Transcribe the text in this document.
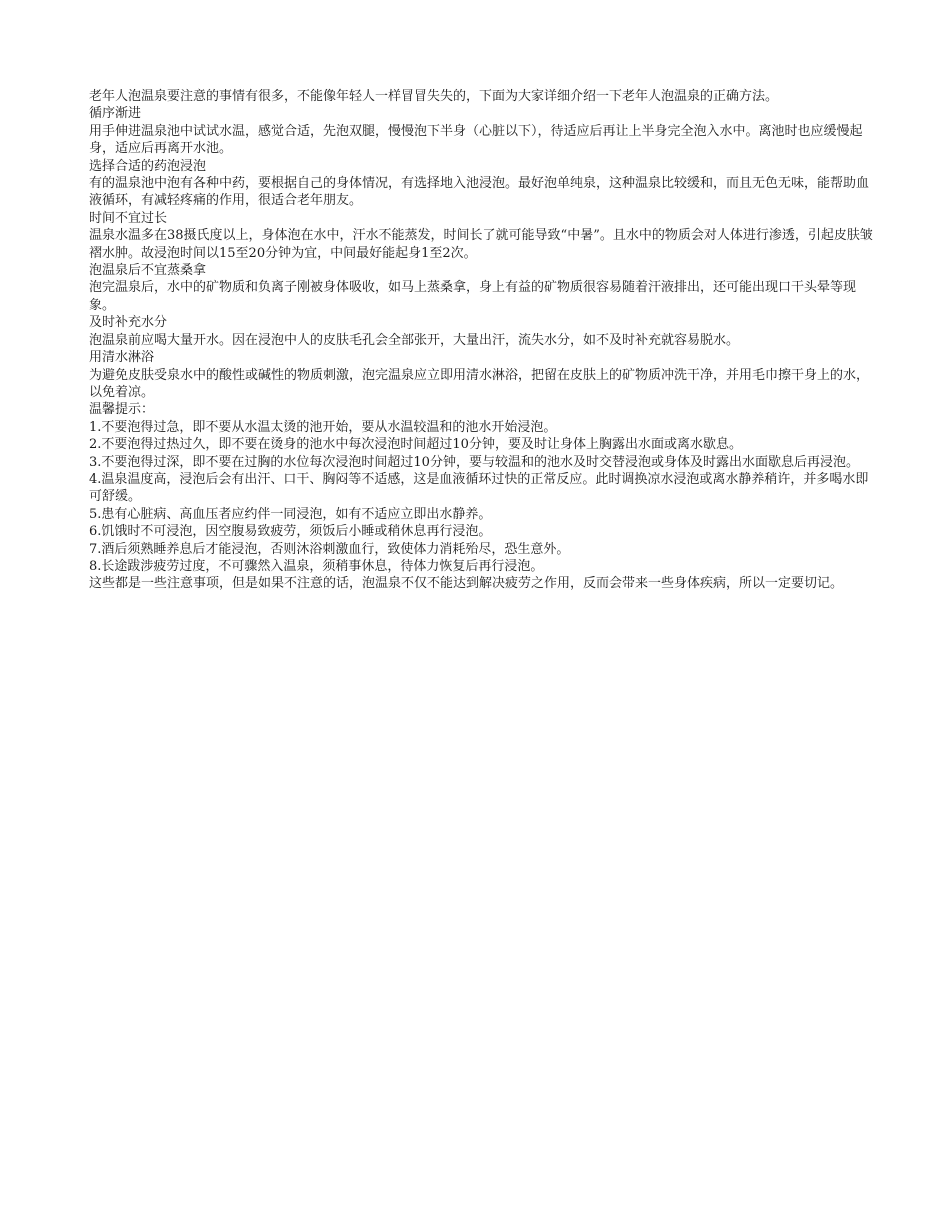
老年人泡温泉要注意的事情有很多，不能像年轻人一样冒冒失失的，下面为大家详细介绍一下老年人泡温泉的正确方法。

循序渐进

用手伸进温泉池中试试水温，感觉合适，先泡双腿，慢慢泡下半身（心脏以下），待适应后再让上半身完全泡入水中。离池时也应缓慢起身，适应后再离开水池。

选择合适的药泡浸泡

有的温泉池中泡有各种中药，要根据自己的身体情况，有选择地入池浸泡。最好泡单纯泉，这种温泉比较缓和，而且无色无味，能帮助血液循环，有减轻疼痛的作用，很适合老年朋友。

时间不宜过长

温泉水温多在38摄氏度以上，身体泡在水中，汗水不能蒸发，时间长了就可能导致“中暑”。且水中的物质会对人体进行渗透，引起皮肤皱褶水肿。故浸泡时间以15至20分钟为宜，中间最好能起身1至2次。

泡温泉后不宜蒸桑拿

泡完温泉后，水中的矿物质和负离子刚被身体吸收，如马上蒸桑拿，身上有益的矿物质很容易随着汗液排出，还可能出现口干头晕等现象。

及时补充水分

泡温泉前应喝大量开水。因在浸泡中人的皮肤毛孔会全部张开，大量出汗，流失水分，如不及时补充就容易脱水。

用清水淋浴

为避免皮肤受泉水中的酸性或碱性的物质刺激，泡完温泉应立即用清水淋浴，把留在皮肤上的矿物质冲洗干净，并用毛巾擦干身上的水，以免着凉。

温馨提示：

1.不要泡得过急，即不要从水温太烫的池开始，要从水温较温和的池水开始浸泡。

2.不要泡得过热过久，即不要在烫身的池水中每次浸泡时间超过10分钟，要及时让身体上胸露出水面或离水歇息。

3.不要泡得过深，即不要在过胸的水位每次浸泡时间超过10分钟，要与较温和的池水及时交替浸泡或身体及时露出水面歇息后再浸泡。

4.温泉温度高，浸泡后会有出汗、口干、胸闷等不适感，这是血液循环过快的正常反应。此时调换凉水浸泡或离水静养稍许，并多喝水即可舒缓。

5.患有心脏病、高血压者应约伴一同浸泡，如有不适应立即出水静养。

6.饥饿时不可浸泡，因空腹易致疲劳，须饭后小睡或稍休息再行浸泡。

7.酒后须熟睡养息后才能浸泡，否则沐浴刺激血行，致使体力消耗殆尽，恐生意外。

8.长途跋涉疲劳过度，不可骤然入温泉，须稍事休息，待体力恢复后再行浸泡。

这些都是一些注意事项，但是如果不注意的话，泡温泉不仅不能达到解决疲劳之作用，反而会带来一些身体疾病，所以一定要切记。
